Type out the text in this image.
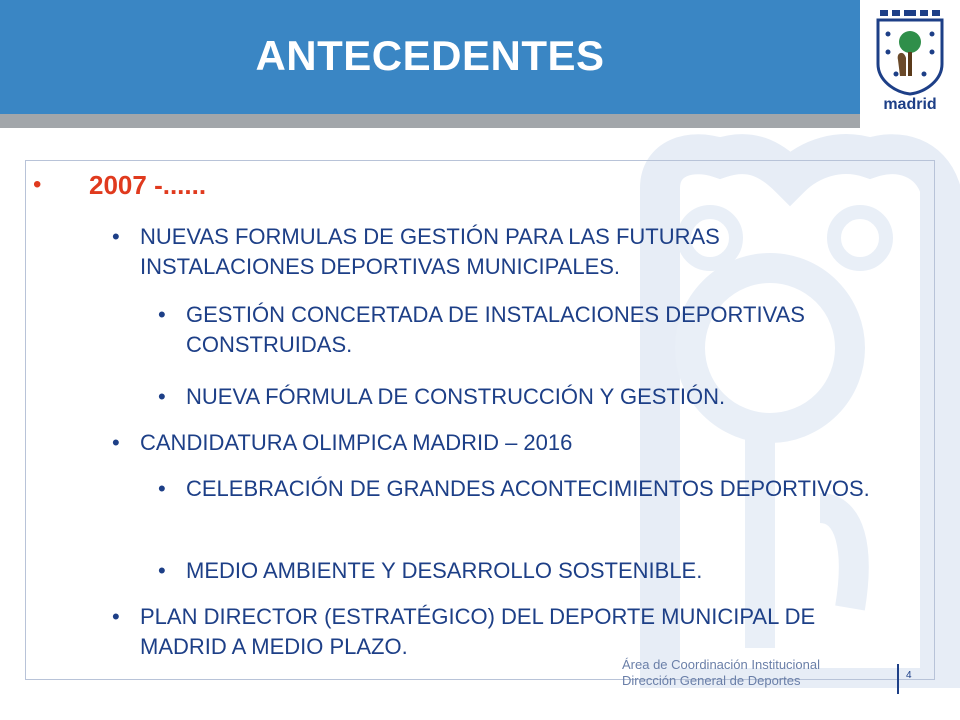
ANTECEDENTES
madrid
• 2007 -......
• NUEVAS FORMULAS DE GESTIÓN PARA LAS FUTURAS INSTALACIONES DEPORTIVAS MUNICIPALES.
• GESTIÓN CONCERTADA DE INSTALACIONES DEPORTIVAS CONSTRUIDAS.
• NUEVA FÓRMULA DE CONSTRUCCIÓN Y GESTIÓN.
• CANDIDATURA OLIMPICA MADRID – 2016
• CELEBRACIÓN DE GRANDES ACONTECIMIENTOS DEPORTIVOS.
• MEDIO AMBIENTE Y DESARROLLO SOSTENIBLE.
• PLAN DIRECTOR (ESTRATÉGICO) DEL DEPORTE MUNICIPAL DE MADRID A MEDIO PLAZO.
Área de Coordinación Institucional
Dirección General de Deportes	4
